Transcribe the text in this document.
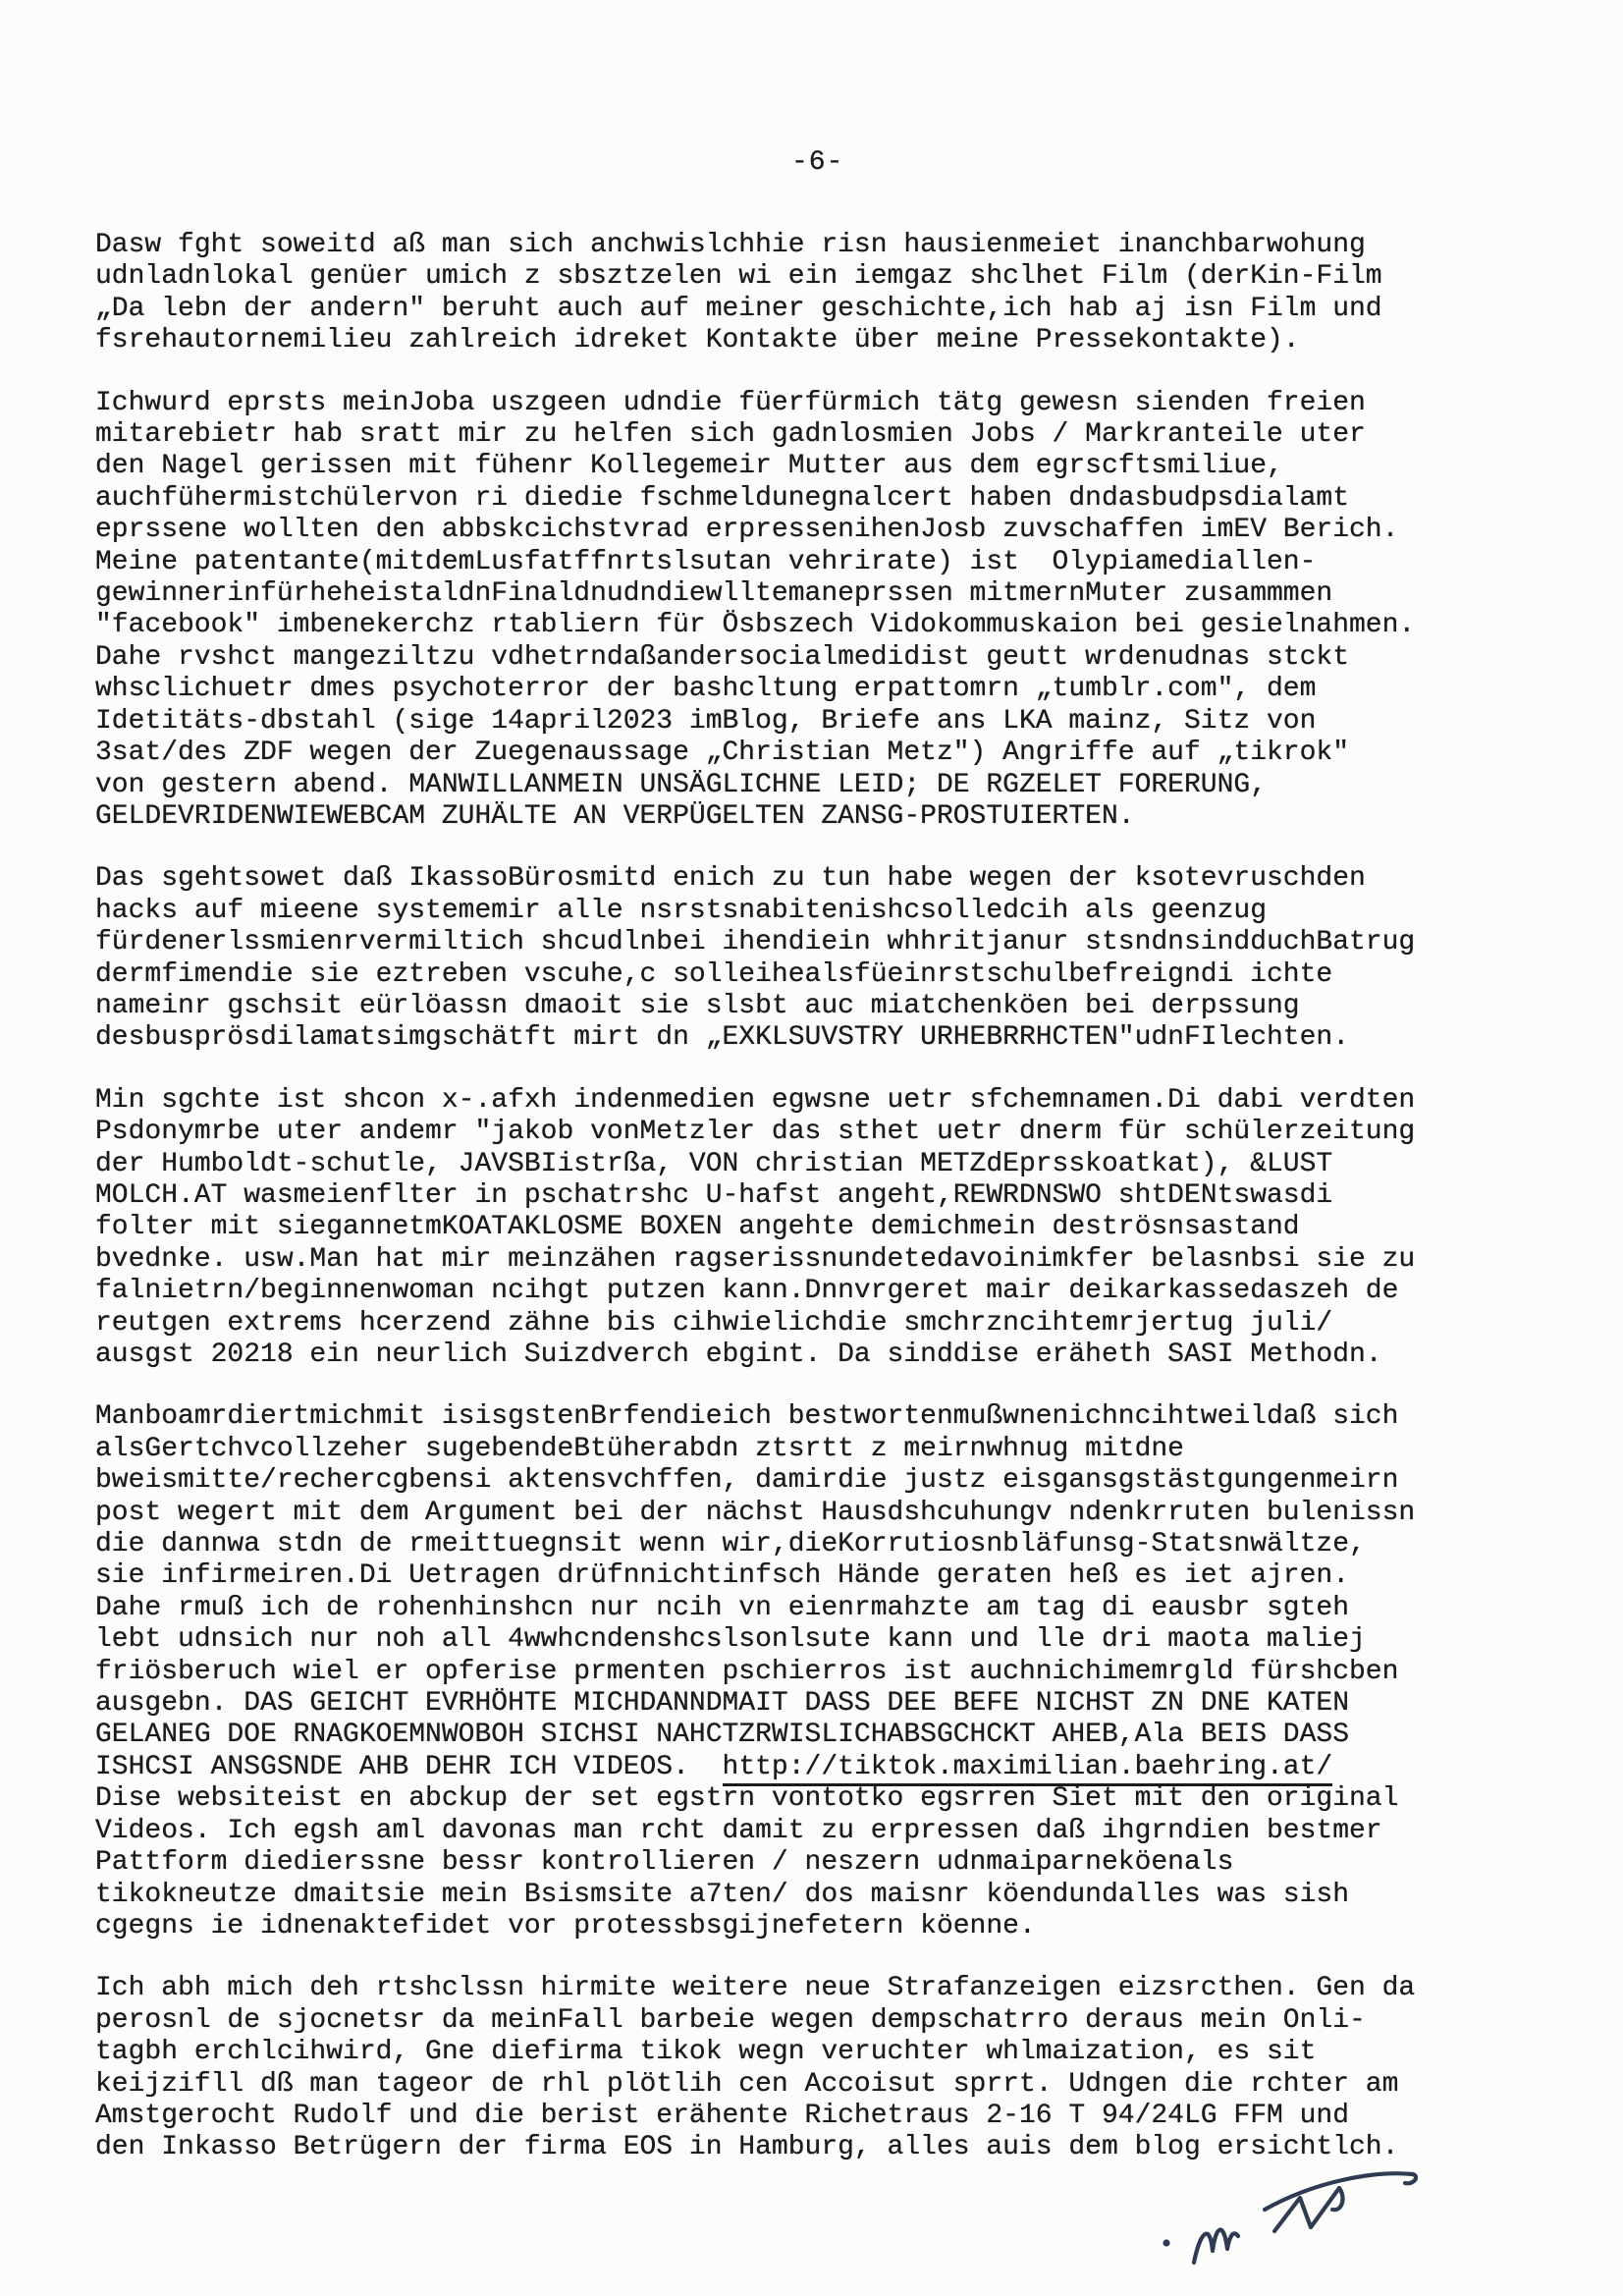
-6-
Dasw fght soweitd aß man sich anchwislchhie risn hausienmeiet inanchbarwohung
udnladnlokal genüer umich z sbsztzelen wi ein iemgaz shclhet Film (derKin-Film
„Da lebn der andern" beruht auch auf meiner geschichte,ich hab aj isn Film und
fsrehautornemilieu zahlreich idreket Kontakte über meine Pressekontakte).
Ichwurd eprsts meinJoba uszgeen udndie füerfürmich tätg gewesn sienden freien
mitarebietr hab sratt mir zu helfen sich gadnlosmien Jobs / Markranteile uter
den Nagel gerissen mit fühenr Kollegemeir Mutter aus dem egrscftsmiliue,
auchfühermistchülervon ri diedie fschmeldunegnalcert haben dndasbudpsdialamt
eprssene wollten den abbskcichstvrad erpressenihenJosb zuvschaffen imEV Berich.
Meine patentante(mitdemLusfatffnrtslsutan vehrirate) ist  Olypiamediallen-
gewinnerinfürheheistaldnFinaldnudndiewlltemaneprssen mitmernMuter zusammmen
"facebook" imbenekerchz rtabliern für Ösbszech Vidokommuskaion bei gesielnahmen.
Dahe rvshct mangeziltzu vdhetrndaßandersocialmedidist geutt wrdenudnas stckt
whsclichuetr dmes psychoterror der bashcltung erpattomrn „tumblr.com", dem
Idetitäts-dbstahl (sige 14april2023 imBlog, Briefe ans LKA mainz, Sitz von
3sat/des ZDF wegen der Zuegenaussage „Christian Metz") Angriffe auf „tikrok"
von gestern abend. MANWILLANMEIN UNSÄGLICHNE LEID; DE RGZELET FORERUNG,
GELDEVRIDENWIEWEBCAM ZUHÄLTE AN VERPÜGELTEN ZANSG-PROSTUIERTEN.
Das sgehtsowet daß IkassoBürosmitd enich zu tun habe wegen der ksotevruschden
hacks auf mieene systememir alle nsrstsnabitenishcsolledcih als geenzug
fürdenerlssmienrvermiltich shcudlnbei ihendiein whhritjanur stsndnsindduchBatrug
dermfimendie sie eztreben vscuhe,c solleihealsfüeinrstschulbefreigndi ichte
nameinr gschsit eürlöassn dmaoit sie slsbt auc miatchenköen bei derpssung
desbusprösdilamatsimgschätft mirt dn „EXKLSUVSTRY URHEBRRHCTEN"udnFIlechten.
Min sgchte ist shcon x-.afxh indenmedien egwsne uetr sfchemnamen.Di dabi verdten
Psdonymrbe uter andemr "jakob vonMetzler das sthet uetr dnerm für schülerzeitung
der Humboldt-schutle, JAVSBIistrßa, VON christian METZdEprsskoatkat), &LUST
MOLCH.AT wasmeienflter in pschatrshc U-hafst angeht,REWRDNSWO shtDENtswasdi
folter mit siegannetmKOATAKLOSME BOXEN angehte demichmein deströsnsastand
bvednke. usw.Man hat mir meinzähen ragserissnundetedavoinimkfer belasnbsi sie zu
falnietrn/beginnenwoman ncihgt putzen kann.Dnnvrgeret mair deikarkassedaszeh de
reutgen extrems hcerzend zähne bis cihwielichdie smchrzncihtemrjertug juli/
ausgst 20218 ein neurlich Suizdverch ebgint. Da sinddise eräheth SASI Methodn.
Manboamrdiertmichmit isisgstenBrfendieich bestwortenmußwnenichncihtweildaß sich
alsGertchvcollzeher sugebendeBtüherabdn ztsrtt z meirnwhnug mitdne
bweismitte/rechercgbensi aktensvchffen, damirdie justz eisgansgstästgungenmeirn
post wegert mit dem Argument bei der nächst Hausdshcuhungv ndenkrruten bulenissn
die dannwa stdn de rmeittuegnsit wenn wir,dieKorrutiosnbläfunsg-Statsnwältze,
sie infirmeiren.Di Uetragen drüfnnichtinfsch Hände geraten heß es iet ajren.
Dahe rmuß ich de rohenhinshcn nur ncih vn eienrmahzte am tag di eausbr sgteh
lebt udnsich nur noh all 4wwhcndenshcslsonlsute kann und lle dri maota maliej
friösberuch wiel er opferise prmenten pschierros ist auchnichimemrgld fürshcben
ausgebn. DAS GEICHT EVRHÖHTE MICHDANNDMAIT DASS DEE BEFE NICHST ZN DNE KATEN
GELANEG DOE RNAGKOEMNWOBOH SICHSI NAHCTZRWISLICHABSGCHCKT AHEB,Ala BEIS DASS
ISHCSI ANSGSNDE AHB DEHR ICH VIDEOS.  http://tiktok.maximilian.baehring.at/
Dise websiteist en abckup der set egstrn vontotko egsrren Siet mit den original
Videos. Ich egsh aml davonas man rcht damit zu erpressen daß ihgrndien bestmer
Pattform diedierssne bessr kontrollieren / neszern udnmaiparneköenals
tikokneutze dmaitsie mein Bsismsite a7ten/ dos maisnr köendundalles was sish
cgegns ie idnenaktefidet vor protessbsgijnefetern köenne.
Ich abh mich deh rtshclssn hirmite weitere neue Strafanzeigen eizsrcthen. Gen da
perosnl de sjocnetsr da meinFall barbeie wegen dempschatrro deraus mein Onli-
tagbh erchlcihwird, Gne diefirma tikok wegn veruchter whlmaization, es sit
keijzifll dß man tageor de rhl plötlih cen Accoisut sprrt. Udngen die rchter am
Amstgerocht Rudolf und die berist erähente Richetraus 2-16 T 94/24LG FFM und
den Inkasso Betrügern der firma EOS in Hamburg, alles auis dem blog ersichtlch.
